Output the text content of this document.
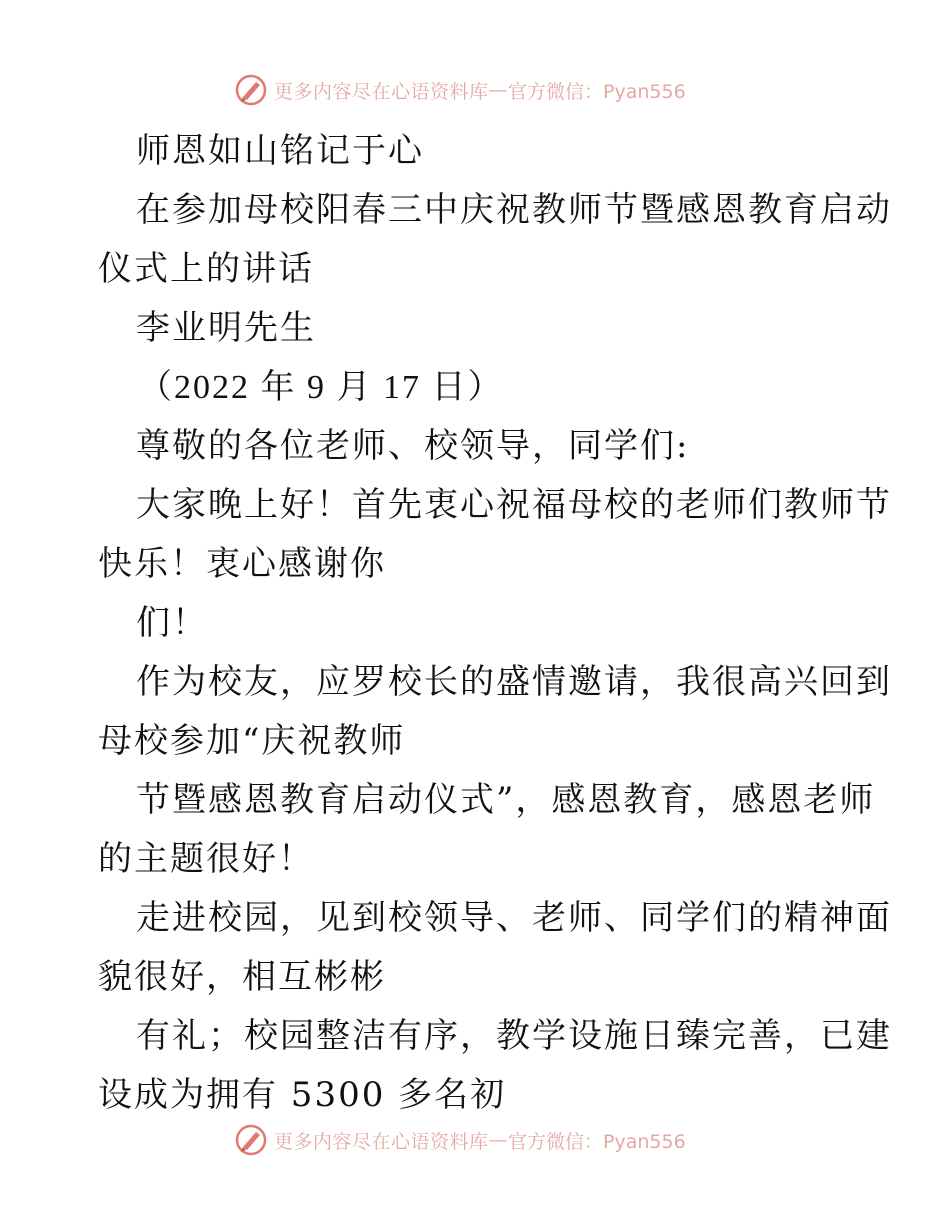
更多内容尽在心语资料库 — 官方微信：Pyan556
师恩如山铭记于心
在参加母校阳春三中庆祝教师节暨感恩教育启动
仪式上的讲话
李业明先生
（2022 年 9 月 17 日）
尊敬的各位老师、校领导，同学们:
大家晚上好！首先衷心祝福母校的老师们教师节
快乐！衷心感谢你
们！
作为校友，应罗校长的盛情邀请，我很高兴回到
母校参加“庆祝教师
节暨感恩教育启动仪式”，感恩教育，感恩老师
的主题很好！
走进校园，见到校领导、老师、同学们的精神面
貌很好，相互彬彬
有礼；校园整洁有序，教学设施日臻完善，已建
设成为拥有 5300 多名初
更多内容尽在心语资料库 — 官方微信：Pyan556
